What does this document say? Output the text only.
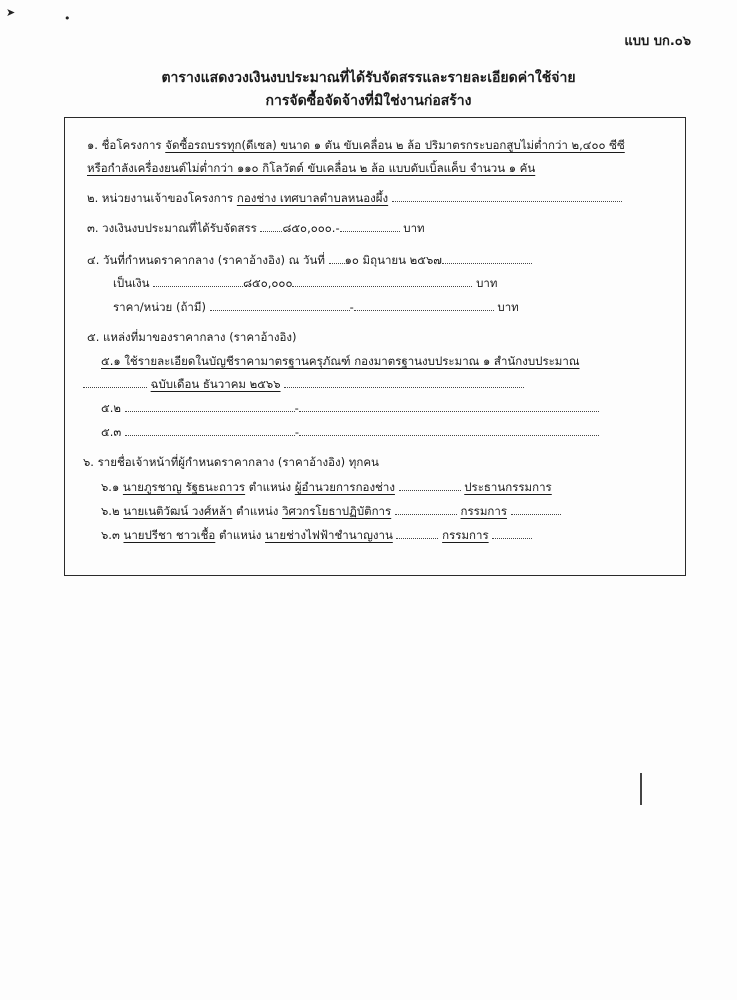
➤	•
แบบ บก.๐๖
ตารางแสดงวงเงินงบประมาณที่ได้รับจัดสรรและรายละเอียดค่าใช้จ่าย
การจัดซื้อจัดจ้างที่มิใช่งานก่อสร้าง
๑. ชื่อโครงการ จัดซื้อรถบรรทุก(ดีเซล) ขนาด ๑ ตัน ขับเคลื่อน ๒ ล้อ ปริมาตรกระบอกสูบไม่ต่ำกว่า ๒,๔๐๐ ซีซี
หรือกำลังเครื่องยนต์ไม่ต่ำกว่า ๑๑๐ กิโลวัตต์ ขับเคลื่อน ๒ ล้อ แบบดับเบิ้ลแค็บ จำนวน ๑ คัน
๒. หน่วยงานเจ้าของโครงการ กองช่าง เทศบาลตำบลหนองผึ้ง
๓. วงเงินงบประมาณที่ได้รับจัดสรร ๘๕๐,๐๐๐.-	บาท
๔. วันที่กำหนดราคากลาง (ราคาอ้างอิง) ณ วันที่ ๑๐ มิถุนายน ๒๕๖๗
เป็นเงิน	๘๕๐,๐๐๐	บาท
ราคา/หน่วย (ถ้ามี)	-	บาท
๕. แหล่งที่มาของราคากลาง (ราคาอ้างอิง)
๕.๑ ใช้รายละเอียดในบัญชีราคามาตรฐานครุภัณฑ์ กองมาตรฐานงบประมาณ ๑ สำนักงบประมาณ
ฉบับเดือน ธันวาคม ๒๕๖๖
๕.๒	-
๕.๓	-
๖. รายชื่อเจ้าหน้าที่ผู้กำหนดราคากลาง (ราคาอ้างอิง) ทุกคน
๖.๑ นายภูรชาญ รัฐธนะถาวร ตำแหน่ง ผู้อำนวยการกองช่าง	ประธานกรรมการ
๖.๒ นายเนติวัฒน์ วงศ์หล้า ตำแหน่ง วิศวกรโยธาปฏิบัติการ	กรรมการ
๖.๓ นายปรีชา ชาวเชื้อ ตำแหน่ง นายช่างไฟฟ้าชำนาญงาน	กรรมการ
